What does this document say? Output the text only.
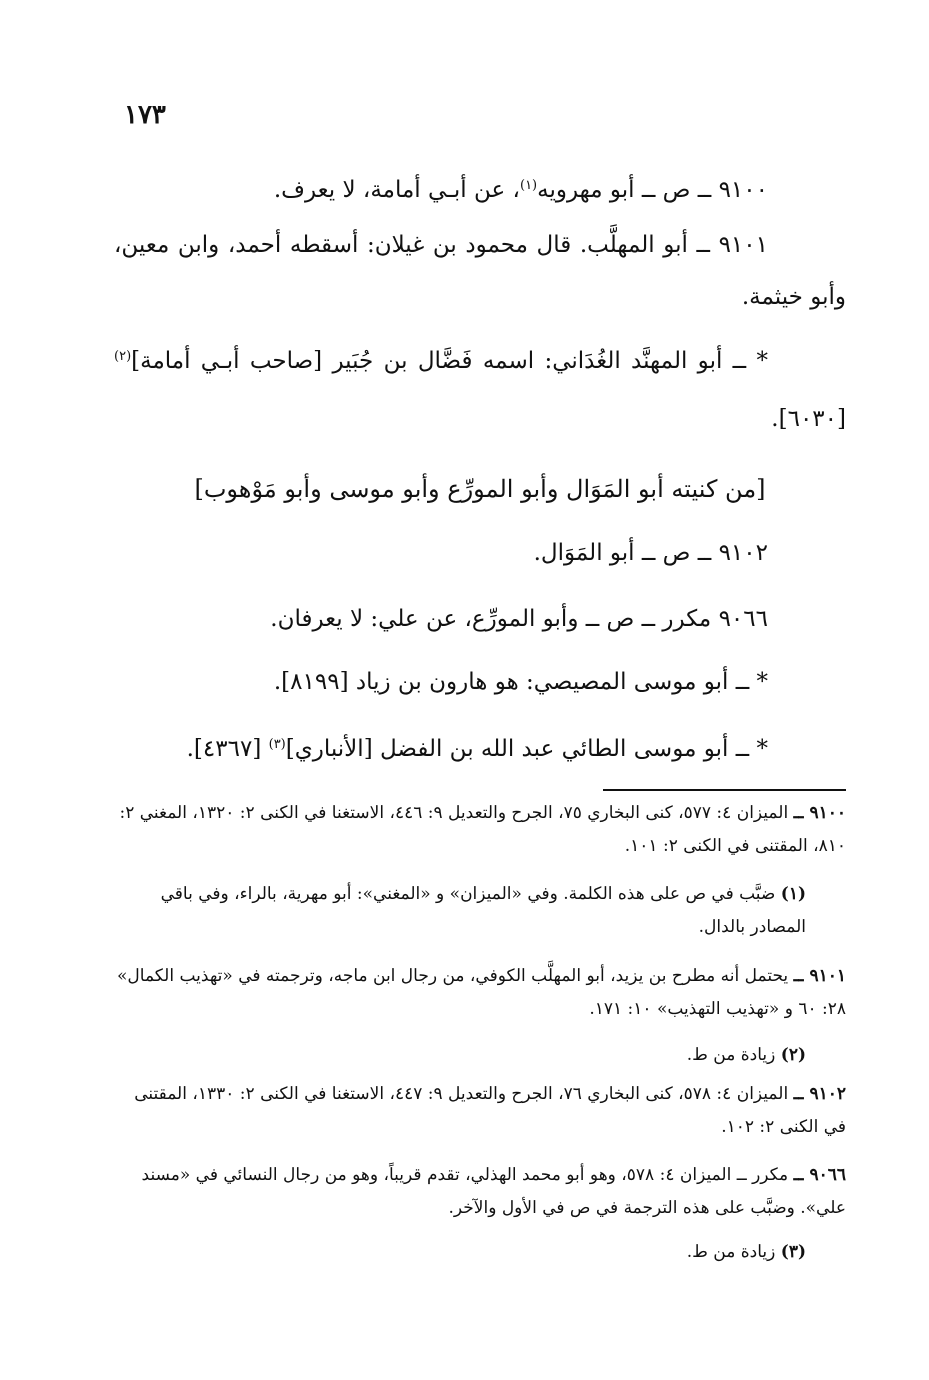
١٧٣
٩١٠٠ ــ ص ــ أبو مهرويه$^{(١)}$، عن أبـي أمامة، لا يعرف.
٩١٠١ ــ أبو المهلَّب. قال محمود بن غيلان: أسقطه أحمد، وابن معين، وأبو خيثمة.
* ــ أبو المهنَّد الغُدَاني: اسمه فَضَّال بن جُبَير [صاحب أبـي أمامة]$^{(٢)}$ [٦٠٣٠].
[من كنيته أبو المَوَال وأبو المورِّع وأبو موسى وأبو مَوْهوب]
٩١٠٢ ــ ص ــ أبو المَوَال.
٩٠٦٦ مكرر ــ ص ــ وأبو المورِّع، عن علي: لا يعرفان.
* ــ أبو موسى المصيصي: هو هارون بن زياد [٨١٩٩].
* ــ أبو موسى الطائي عبد الله بن الفضل [الأنباري]$^{(٣)}$ [٤٣٦٧].
٩١٠٠ ــ الميزان ٤: ٥٧٧، كنى البخاري ٧٥، الجرح والتعديل ٩: ٤٤٦، الاستغنا في الكنى ٢: ١٣٢٠، المغني ٢: ٨١٠، المقتنى في الكنى ٢: ١٠١.
(١) ضبَّب في ص على هذه الكلمة. وفي «الميزان» و «المغني»: أبو مهرية، بالراء، وفي باقي المصادر بالدال.
٩١٠١ ــ يحتمل أنه مطرح بن يزيد، أبو المهلَّب الكوفي، من رجال ابن ماجه، وترجمته في «تهذيب الكمال» ٢٨: ٦٠ و «تهذيب التهذيب» ١٠: ١٧١.
(٢) زيادة من ط.
٩١٠٢ ــ الميزان ٤: ٥٧٨، كنى البخاري ٧٦، الجرح والتعديل ٩: ٤٤٧، الاستغنا في الكنى ٢: ١٣٣٠، المقتنى في الكنى ٢: ١٠٢.
٩٠٦٦ ــ مكرر ــ الميزان ٤: ٥٧٨، وهو أبو محمد الهذلي، تقدم قريباً، وهو من رجال النسائي في «مسند علي». وضبَّب على هذه الترجمة في ص في الأول والآخر.
(٣) زيادة من ط.
